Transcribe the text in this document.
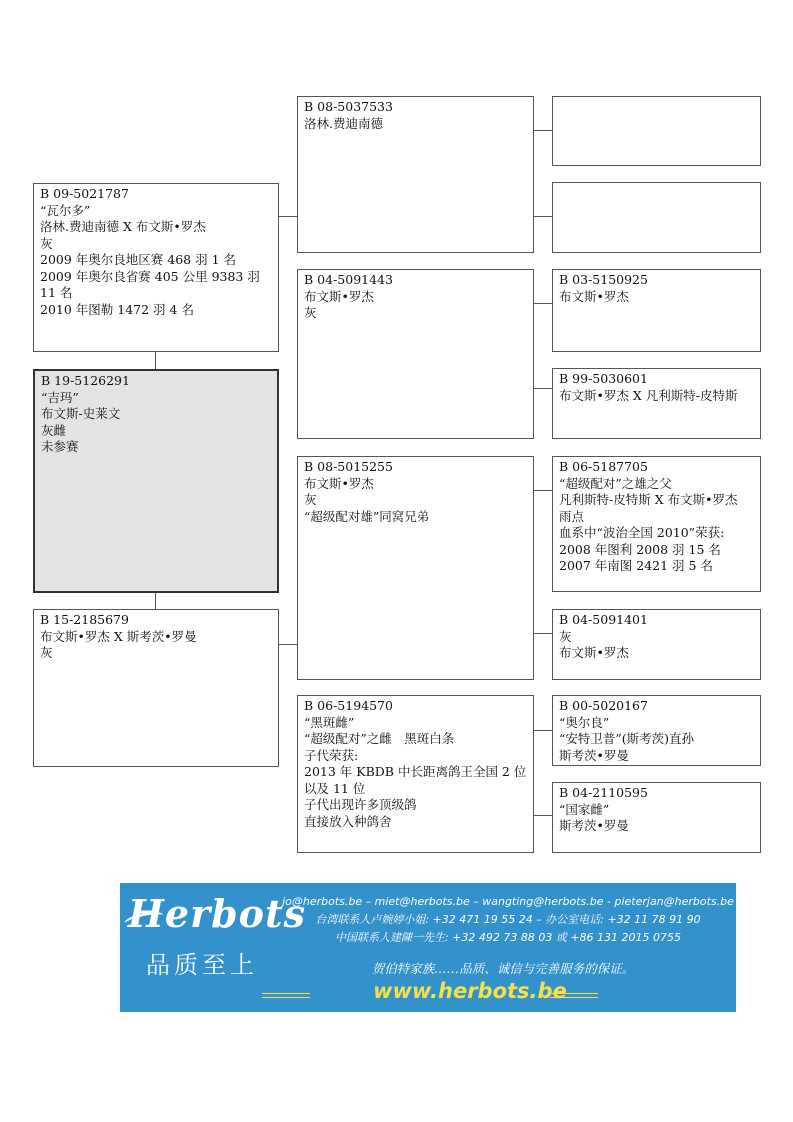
B 09-5021787
“瓦尔多”
洛林.费迪南德 X 布文斯•罗杰
灰
2009 年奥尔良地区赛 468 羽 1 名
2009 年奥尔良省赛 405 公里 9383 羽 11 名
2010 年图勒 1472 羽 4 名
B 19-5126291
“吉玛”
布文斯-史莱文
灰雌
未参赛
B 15-2185679
布文斯•罗杰 X 斯考茨•罗曼
灰
B 08-5037533
洛林.费迪南德
B 04-5091443
布文斯•罗杰
灰
B 08-5015255
布文斯•罗杰
灰
“超级配对雄”同窝兄弟
B 06-5194570
“黑斑雌”
“超级配对”之雌　黑斑白条
子代荣获:
2013 年 KBDB 中长距离鸽王全国 2 位以及 11 位
子代出现许多顶级鸽
直接放入种鸽舍
B 03-5150925
布文斯•罗杰
B 99-5030601
布文斯•罗杰 X 凡利斯特-皮特斯
B 06-5187705
“超级配对”之雄之父
凡利斯特-皮特斯 X 布文斯•罗杰
雨点
血系中“波治全国 2010”荣获:
2008 年图利 2008 羽 15 名
2007 年南图 2421 羽 5 名
B 04-5091401
灰
布文斯•罗杰
B 00-5020167
“奥尔良”
“安特卫普”(斯考茨)直孙
斯考茨•罗曼
B 04-2110595
“国家雌”
斯考茨•罗曼
Herbots
品质至上
jo@herbots.be – miet@herbots.be – wangting@herbots.be - pieterjan@herbots.be
台湾联系人卢婉婷小姐: +32 471 19 55 24 – 办公室电话: +32 11 78 91 90
中国联系人建陳一先生: +32 492 73 88 03 或 +86 131 2015 0755
贺伯特家族……品质、诚信与完善服务的保证。
www.herbots.be
